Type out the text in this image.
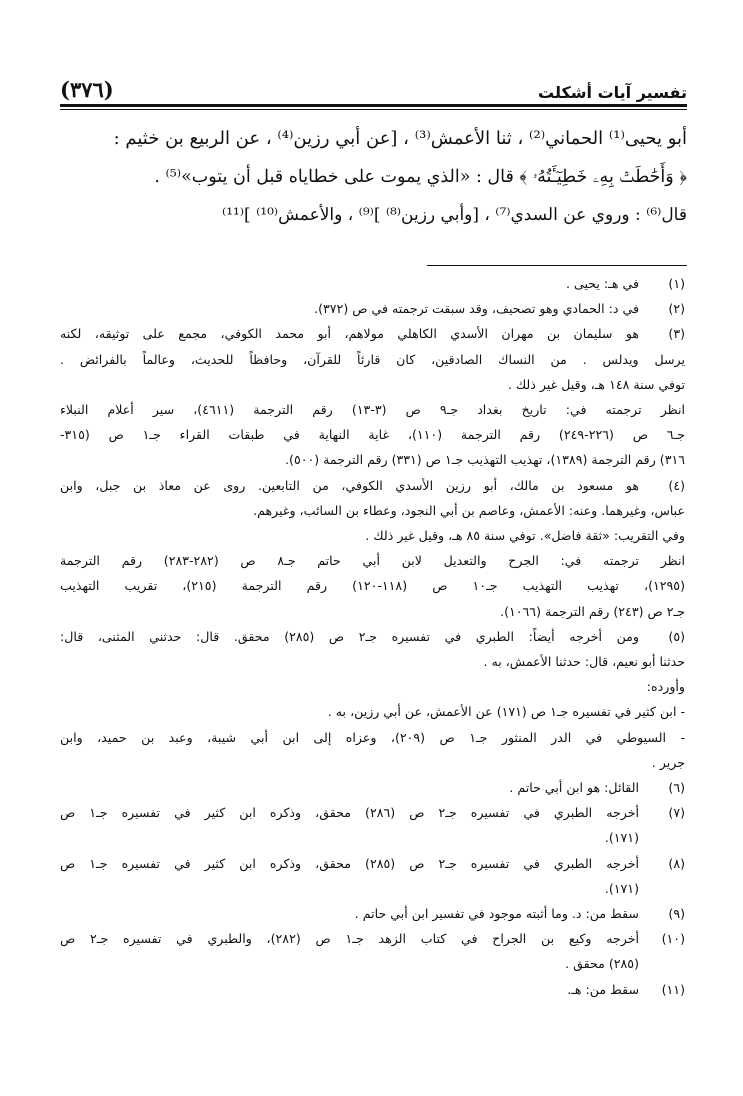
تفسير آيات أشكلت
(٣٧٦)
أبو يحيى⁽¹⁾ الحماني⁽²⁾ ، ثنا الأعمش⁽³⁾ ، [عن أبي رزين⁽⁴⁾ ، عن الربيع بن خثيم :
﴿ وَأَحَٰطَتۡ بِهِۦ خَطِيٓـَٔتُهُۥ ﴾ قال : «الذي يموت على خطاياه قبل أن يتوب»⁽⁵⁾ .
قال⁽⁶⁾ : وروي عن السدي⁽⁷⁾ ، [وأبي رزين⁽⁸⁾ ]⁽⁹⁾ ، والأعمش⁽¹⁰⁾ ]⁽¹¹⁾
(١)
في هـ: يحيى .
(٢)
في د: الحمادي وهو تصحيف، وقد سبقت ترجمته في ص (٣٧٢).
(٣)
هو سليمان بن مهران الأسدي الكاهلي مولاهم، أبو محمد الكوفي، مجمع على توثيقه، لكنه
يرسل ويدلس . من النساك الصادقين، كان قارئاً للقرآن، وحافظاً للحديث، وعالماً بالفرائض .
توفي سنة ١٤٨ هـ، وقيل غير ذلك .
انظر ترجمته في: تاريخ بغداد جـ٩ ص (٣-١٣) رقم الترجمة (٤٦١١)، سير أعلام النبلاء
جـ٦ ص (٢٢٦-٢٤٩) رقم الترجمة (١١٠)، غاية النهاية في طبقات القراء جـ١ ص (٣١٥-
٣١٦) رقم الترجمة (١٣٨٩)، تهذيب التهذيب جـ١ ص (٣٣١) رقم الترجمة (٥٠٠).
(٤)
هو مسعود بن مالك، أبو رزين الأسدي الكوفي، من التابعين. روى عن معاذ بن جبل، وابن
عباس، وغيرهما. وعنه: الأعمش، وعاصم بن أبي النجود، وعطاء بن السائب، وغيرهم.
وفي التقريب: «ثقة فاضل». توفي سنة ٨٥ هـ، وقيل غير ذلك .
انظر ترجمته في: الجرح والتعديل لابن أبي حاتم جـ٨ ص (٢٨٢-٢٨٣) رقم الترجمة
(١٢٩٥)، تهذيب التهذيب جـ١٠ ص (١١٨-١٢٠) رقم الترجمة (٢١٥)، تقريب التهذيب
جـ٢ ص (٢٤٣) رقم الترجمة (١٠٦٦).
(٥)
ومن أخرجه أيضاً: الطبري في تفسيره جـ٢ ص (٢٨٥) محقق. قال: حدثني المثنى، قال:
حدثنا أبو نعيم، قال: حدثنا الأعمش، به .
وأورده:
- ابن كثير في تفسيره جـ١ ص (١٧١) عن الأعمش، عن أبي رزين، به .
- السيوطي في الدر المنثور جـ١ ص (٢٠٩)، وعزاه إلى ابن أبي شيبة، وعبد بن حميد، وابن
جرير .
(٦)
القائل: هو ابن أبي حاتم .
(٧)
أخرجه الطبري في تفسيره جـ٢ ص (٢٨٦) محقق، وذكره ابن كثير في تفسيره جـ١ ص
(١٧١).
(٨)
أخرجه الطبري في تفسيره جـ٢ ص (٢٨٥) محقق، وذكره ابن كثير في تفسيره جـ١ ص
(١٧١).
(٩)
سقط من: د. وما أثبته موجود في تفسير ابن أبي حاتم .
(١٠)
أخرجه وكيع بن الجراح في كتاب الزهد جـ١ ص (٢٨٢)، والطبري في تفسيره جـ٢ ص
(٢٨٥) محقق .
(١١)
سقط من: هـ.
